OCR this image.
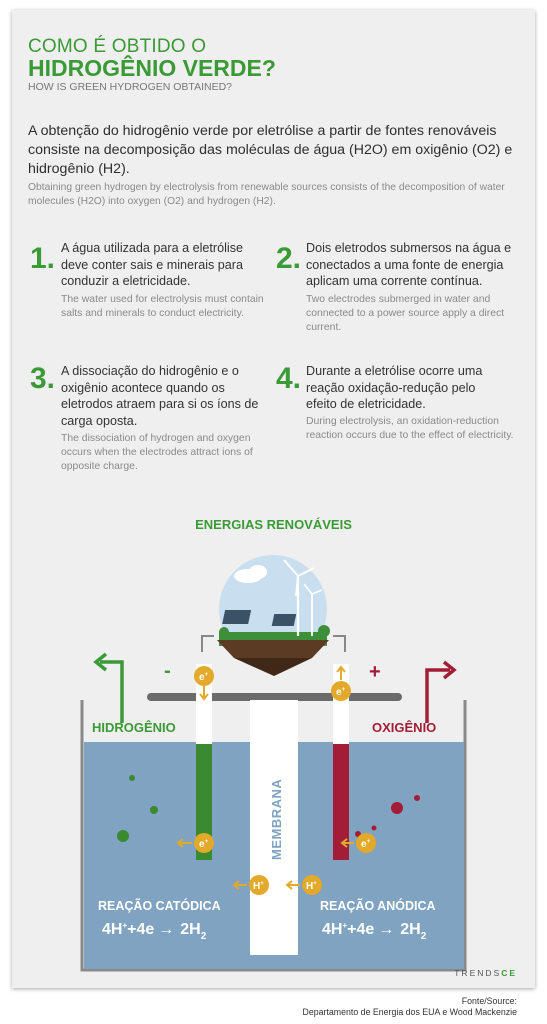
COMO É OBTIDO O
HIDROGÊNIO VERDE?
HOW IS GREEN HYDROGEN OBTAINED?
A obtenção do hidrogênio verde por eletrólise a partir de fontes renováveis consiste na decomposição das moléculas de água (H2O) em oxigênio (O2) e hidrogênio (H2).
Obtaining green hydrogen by electrolysis from renewable sources consists of the decomposition of water molecules (H2O) into oxygen (O2) and hydrogen (H2).
1. A água utilizada para a eletrólise deve conter sais e minerais para conduzir a eletricidade.
The water used for electrolysis must contain salts and minerals to conduct electricity.
2. Dois eletrodos submersos na água e conectados a uma fonte de energia aplicam uma corrente contínua.
Two electrodes submerged in water and connected to a power source apply a direct current.
3. A dissociação do hidrogênio e o oxigênio acontece quando os eletrodos atraem para si os íons de carga oposta.
The dissociation of hydrogen and oxygen occurs when the electrodes attract ions of opposite charge.
4. Durante a eletrólise ocorre uma reação oxidação-redução pelo efeito de eletricidade.
During electrolysis, an oxidation-reduction reaction occurs due to the effect of electricity.
ENERGIAS RENOVÁVEIS
-	+
e+
e+
e+	e+
H+	H+
MEMBRANA
HIDROGÊNIO	OXIGÊNIO
REAÇÃO CATÓDICA	REAÇÃO ANÓDICA
$4H^++4e \to 2H_2$	$4H^++4e \to 2H_2$
TRENDSCE
Fonte/Source:
Departamento de Energia dos EUA e Wood Mackenzie
